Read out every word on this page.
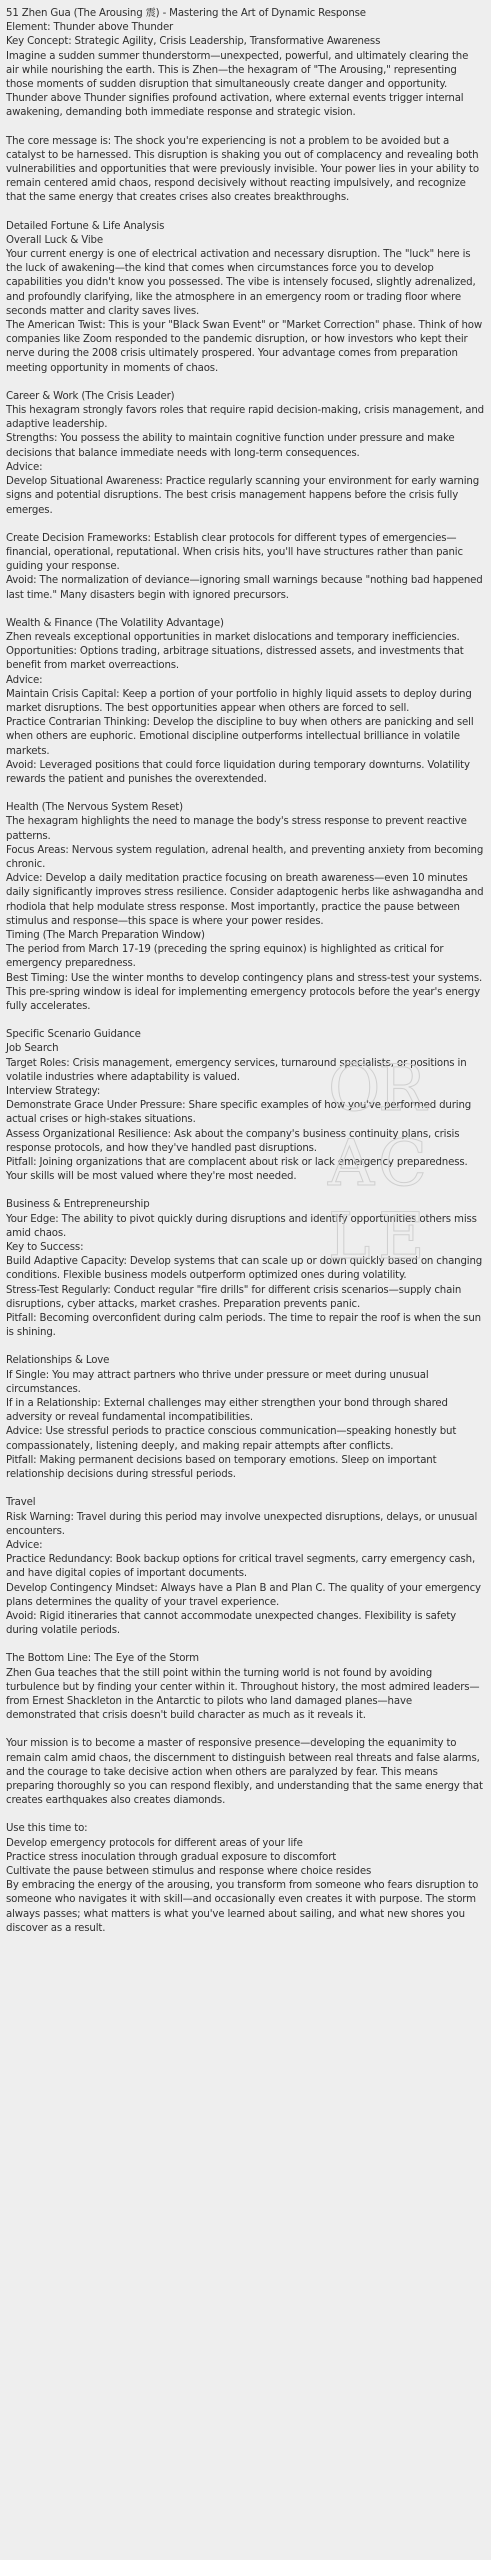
51 Zhen Gua (The Arousing 震) - Mastering the Art of Dynamic Response

Element: Thunder above Thunder

Key Concept: Strategic Agility, Crisis Leadership, Transformative Awareness

Imagine a sudden summer thunderstorm—unexpected, powerful, and ultimately clearing the air while nourishing the earth. This is Zhen—the hexagram of "The Arousing," representing those moments of sudden disruption that simultaneously create danger and opportunity. Thunder above Thunder signifies profound activation, where external events trigger internal awakening, demanding both immediate response and strategic vision.

The core message is: The shock you're experiencing is not a problem to be avoided but a catalyst to be harnessed. This disruption is shaking you out of complacency and revealing both vulnerabilities and opportunities that were previously invisible. Your power lies in your ability to remain centered amid chaos, respond decisively without reacting impulsively, and recognize that the same energy that creates crises also creates breakthroughs.

Detailed Fortune & Life Analysis

Overall Luck & Vibe

Your current energy is one of electrical activation and necessary disruption. The "luck" here is the luck of awakening—the kind that comes when circumstances force you to develop capabilities you didn't know you possessed. The vibe is intensely focused, slightly adrenalized, and profoundly clarifying, like the atmosphere in an emergency room or trading floor where seconds matter and clarity saves lives.

The American Twist: This is your "Black Swan Event" or "Market Correction" phase. Think of how companies like Zoom responded to the pandemic disruption, or how investors who kept their nerve during the 2008 crisis ultimately prospered. Your advantage comes from preparation meeting opportunity in moments of chaos.

Career & Work (The Crisis Leader)

This hexagram strongly favors roles that require rapid decision-making, crisis management, and adaptive leadership.

Strengths: You possess the ability to maintain cognitive function under pressure and make decisions that balance immediate needs with long-term consequences.

Advice:

Develop Situational Awareness: Practice regularly scanning your environment for early warning signs and potential disruptions. The best crisis management happens before the crisis fully emerges.

Create Decision Frameworks: Establish clear protocols for different types of emergencies—financial, operational, reputational. When crisis hits, you'll have structures rather than panic guiding your response.

Avoid: The normalization of deviance—ignoring small warnings because "nothing bad happened last time." Many disasters begin with ignored precursors.

Wealth & Finance (The Volatility Advantage)

Zhen reveals exceptional opportunities in market dislocations and temporary inefficiencies.

Opportunities: Options trading, arbitrage situations, distressed assets, and investments that benefit from market overreactions.

Advice:

Maintain Crisis Capital: Keep a portion of your portfolio in highly liquid assets to deploy during market disruptions. The best opportunities appear when others are forced to sell.

Practice Contrarian Thinking: Develop the discipline to buy when others are panicking and sell when others are euphoric. Emotional discipline outperforms intellectual brilliance in volatile markets.

Avoid: Leveraged positions that could force liquidation during temporary downturns. Volatility rewards the patient and punishes the overextended.

Health (The Nervous System Reset)

The hexagram highlights the need to manage the body's stress response to prevent reactive patterns.

Focus Areas: Nervous system regulation, adrenal health, and preventing anxiety from becoming chronic.

Advice: Develop a daily meditation practice focusing on breath awareness—even 10 minutes daily significantly improves stress resilience. Consider adaptogenic herbs like ashwagandha and rhodiola that help modulate stress response. Most importantly, practice the pause between stimulus and response—this space is where your power resides.

Timing (The March Preparation Window)

The period from March 17-19 (preceding the spring equinox) is highlighted as critical for emergency preparedness.

Best Timing: Use the winter months to develop contingency plans and stress-test your systems. This pre-spring window is ideal for implementing emergency protocols before the year's energy fully accelerates.

Specific Scenario Guidance

Job Search

Target Roles: Crisis management, emergency services, turnaround specialists, or positions in volatile industries where adaptability is valued.

Interview Strategy:

Demonstrate Grace Under Pressure: Share specific examples of how you've performed during actual crises or high-stakes situations.

Assess Organizational Resilience: Ask about the company's business continuity plans, crisis response protocols, and how they've handled past disruptions.

Pitfall: Joining organizations that are complacent about risk or lack emergency preparedness. Your skills will be most valued where they're most needed.

Business & Entrepreneurship

Your Edge: The ability to pivot quickly during disruptions and identify opportunities others miss amid chaos.

Key to Success:

Build Adaptive Capacity: Develop systems that can scale up or down quickly based on changing conditions. Flexible business models outperform optimized ones during volatility.

Stress-Test Regularly: Conduct regular "fire drills" for different crisis scenarios—supply chain disruptions, cyber attacks, market crashes. Preparation prevents panic.

Pitfall: Becoming overconfident during calm periods. The time to repair the roof is when the sun is shining.

Relationships & Love

If Single: You may attract partners who thrive under pressure or meet during unusual circumstances.

If in a Relationship: External challenges may either strengthen your bond through shared adversity or reveal fundamental incompatibilities.

Advice: Use stressful periods to practice conscious communication—speaking honestly but compassionately, listening deeply, and making repair attempts after conflicts.

Pitfall: Making permanent decisions based on temporary emotions. Sleep on important relationship decisions during stressful periods.

Travel

Risk Warning: Travel during this period may involve unexpected disruptions, delays, or unusual encounters.

Advice:

Practice Redundancy: Book backup options for critical travel segments, carry emergency cash, and have digital copies of important documents.

Develop Contingency Mindset: Always have a Plan B and Plan C. The quality of your emergency plans determines the quality of your travel experience.

Avoid: Rigid itineraries that cannot accommodate unexpected changes. Flexibility is safety during volatile periods.

The Bottom Line: The Eye of the Storm

Zhen Gua teaches that the still point within the turning world is not found by avoiding turbulence but by finding your center within it. Throughout history, the most admired leaders—from Ernest Shackleton in the Antarctic to pilots who land damaged planes—have demonstrated that crisis doesn't build character as much as it reveals it.

Your mission is to become a master of responsive presence—developing the equanimity to remain calm amid chaos, the discernment to distinguish between real threats and false alarms, and the courage to take decisive action when others are paralyzed by fear. This means preparing thoroughly so you can respond flexibly, and understanding that the same energy that creates earthquakes also creates diamonds.

Use this time to:

Develop emergency protocols for different areas of your life

Practice stress inoculation through gradual exposure to discomfort

Cultivate the pause between stimulus and response where choice resides

By embracing the energy of the arousing, you transform from someone who fears disruption to someone who navigates it with skill—and occasionally even creates it with purpose. The storm always passes; what matters is what you've learned about sailing, and what new shores you discover as a result.

O
R
A C
L E
